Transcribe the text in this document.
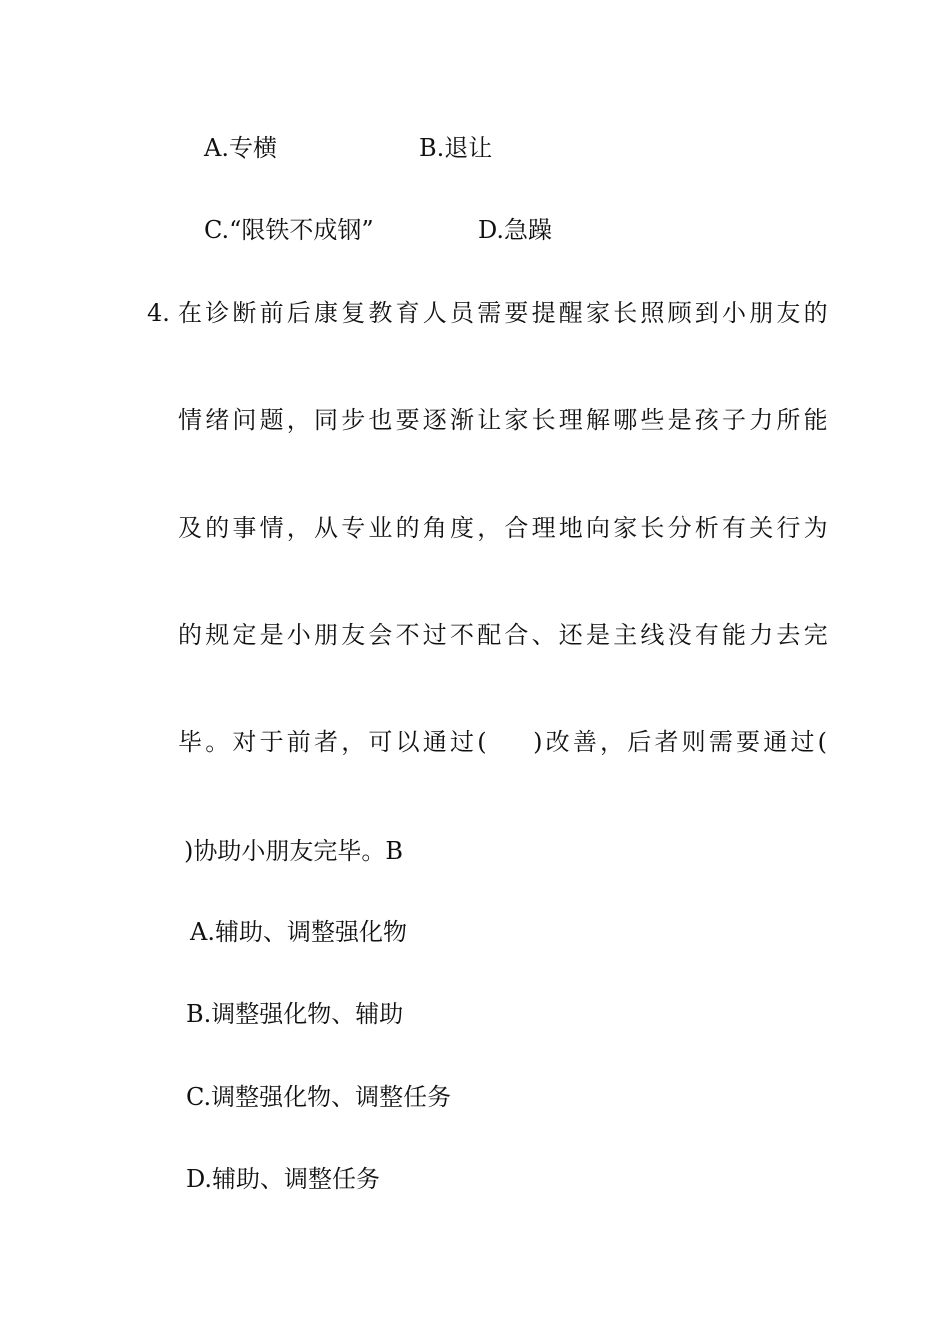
A.专横	B.退让
C.“限铁不成钢”	D.急躁
4. 在诊断前后康复教育人员需要提醒家长照顾到小朋友的
情绪问题，同步也要逐渐让家长理解哪些是孩子力所能
及的事情，从专业的角度，合理地向家长分析有关行为
的规定是小朋友会不过不配合、还是主线没有能力去完
毕。对于前者，可以通过(    )改善，后者则需要通过(
)协助小朋友完毕。B
A.辅助、调整强化物
B.调整强化物、辅助
C.调整强化物、调整任务
D.辅助、调整任务
